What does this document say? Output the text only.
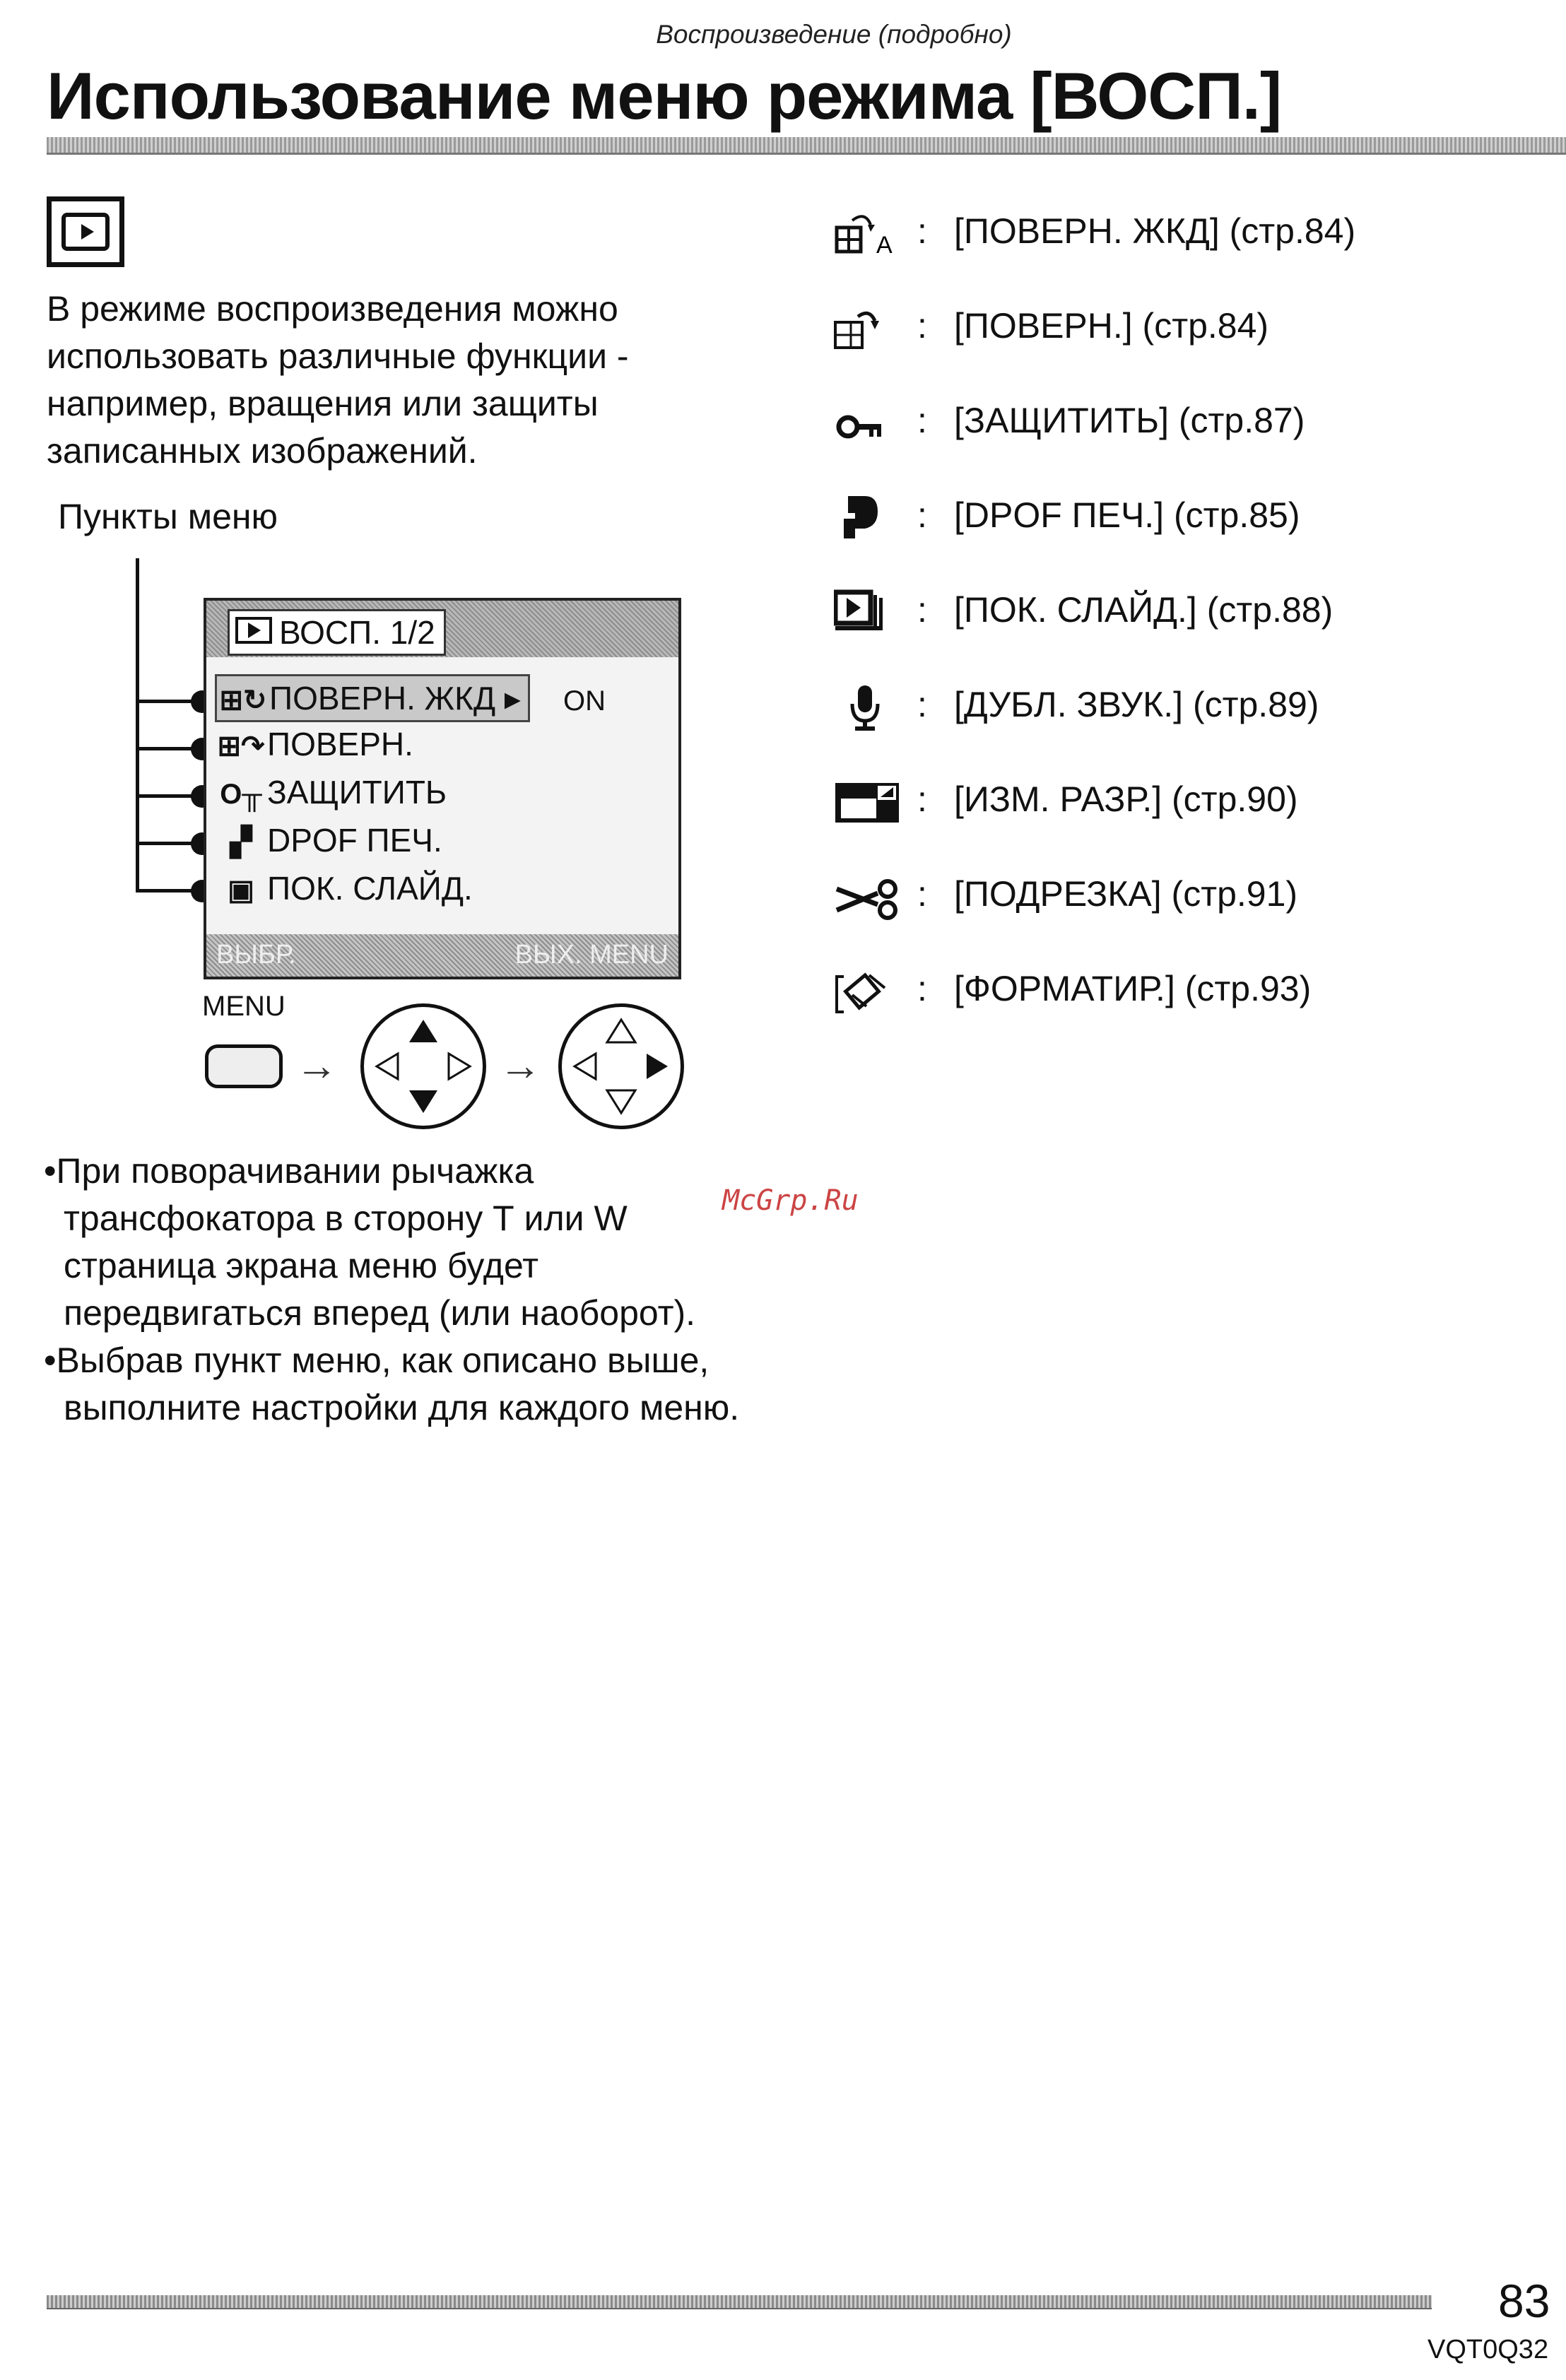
Воспроизведение (подробно)
Использование меню режима [ВОСП.]
В режиме воспроизведения можно использовать различные функции - например, вращения или защиты записанных изображений.
Пункты меню
ВОСП. 1/2
⊞↻ПОВЕРН. ЖКД ▸	ON
⊞↷ПОВЕРН.
O╥ ЗАЩИТИТЬ
▞ DPOF ПЕЧ.
▣ ПОК. СЛАЙД.
ВЫБР.	ВЫХ. MENU
MENU
→	→
•При поворачивании рычажка трансфокатора в сторону Т или W страница экрана меню будет передвигаться вперед (или наоборот).
•Выбрав пункт меню, как описано выше, выполните настройки для каждого меню.
McGrp.Ru
A : [ПОВЕРН. ЖКД] (стр.84)
: [ПОВЕРН.] (стр.84)
: [ЗАЩИТИТЬ] (стр.87)
: [DPOF ПЕЧ.] (стр.85)
: [ПОК. СЛАЙД.] (стр.88)
: [ДУБЛ. ЗВУК.] (стр.89)
: [ИЗМ. РАЗР.] (стр.90)
: [ПОДРЕЗКА] (стр.91)
: [ФОРМАТИР.] (стр.93)
83
VQT0Q32
